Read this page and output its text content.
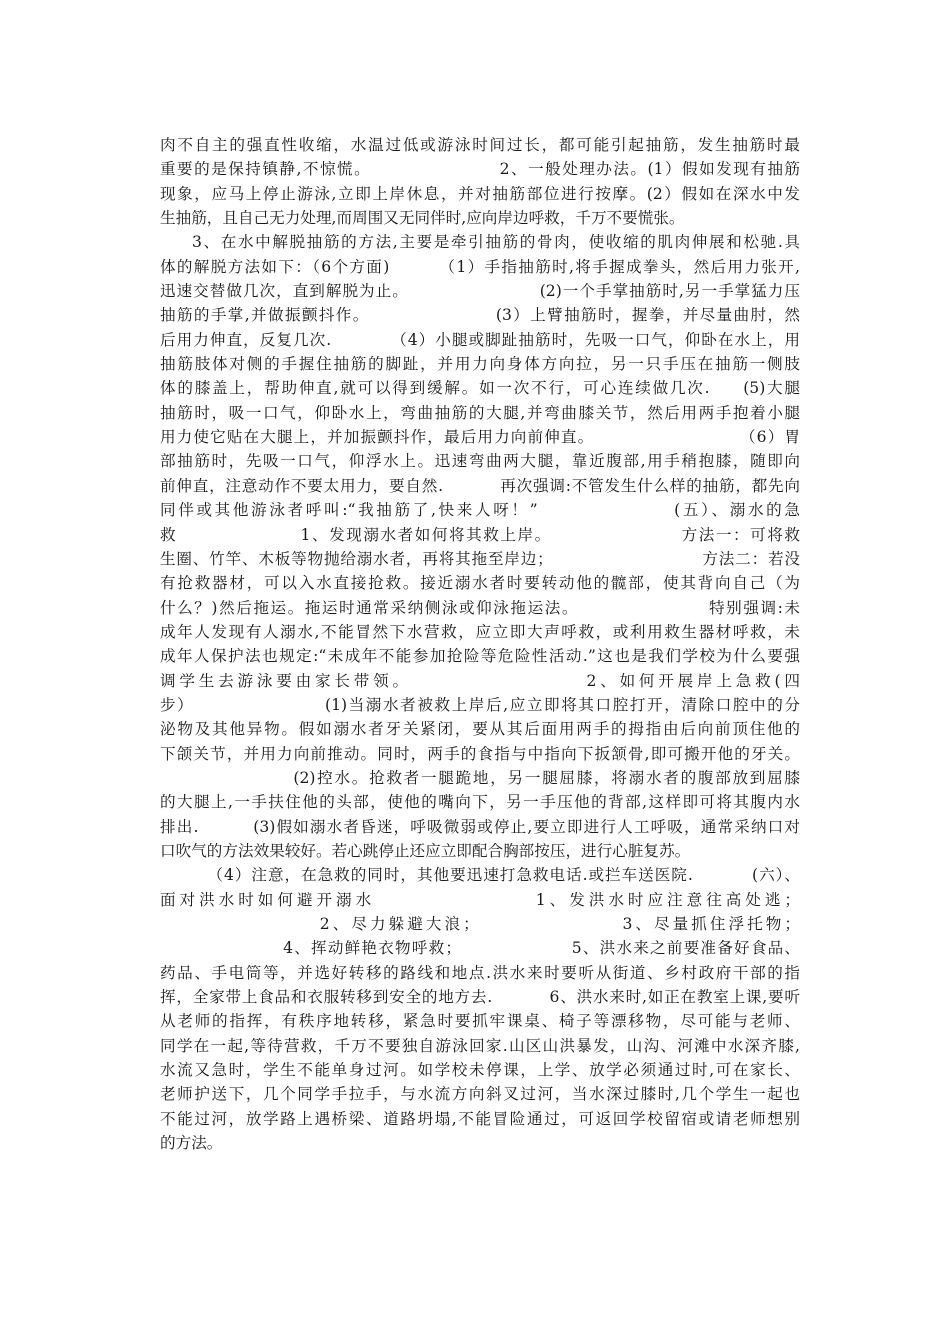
肉不自主的强直性收缩，水温过低或游泳时间过长，都可能引起抽筋，发生抽筋时最
重要的是保持镇静,不惊慌。                    2、一般处理办法。(1）假如发现有抽筋
现象，应马上停止游泳,立即上岸休息，并对抽筋部位进行按摩。(2）假如在深水中发
生抽筋，且自己无力处理,而周围又无同伴时,应向岸边呼救，千万不要慌张。
3、在水中解脱抽筋的方法,主要是牵引抽筋的骨肉，使收缩的肌肉伸展和松驰.具
体的解脱方法如下：（6个方面)        （1）手指抽筋时,将手握成拳头，然后用力张开,
迅速交替做几次，直到解脱为止。                      (2)一个手掌抽筋时,另一手掌猛力压
抽筋的手掌,并做振颤抖作。                    (3）上臂抽筋时，握拳，并尽量曲肘，然
后用力伸直，反复几次.          （4）小腿或脚趾抽筋时，先吸一口气，仰卧在水上，用
抽筋肢体对侧的手握住抽筋的脚趾，并用力向身体方向拉，另一只手压在抽筋一侧肢
体的膝盖上，帮助伸直,就可以得到缓解。如一次不行，可心连续做几次.     (5)大腿
抽筋时，吸一口气，仰卧水上，弯曲抽筋的大腿,并弯曲膝关节，然后用两手抱着小腿
用力使它贴在大腿上，并加振颤抖作，最后用力向前伸直。                        （6）胃
部抽筋时，先吸一口气，仰浮水上。迅速弯曲两大腿，靠近腹部,用手稍抱膝，随即向
前伸直，注意动作不要太用力，要自然.          再次强调:不管发生什么样的抽筋，都先向
同伴或其他游泳者呼叫:“我抽筋了,快来人呀！”                  (五）、溺水的急
救                   1、发现溺水者如何将其救上岸。                    方法一：可将救
生圈、竹竿、木板等物抛给溺水者，再将其拖至岸边；                          方法二：若没
有抢救器材，可以入水直接抢救。接近溺水者时要转动他的髋部，使其背向自己（为
什么？)然后拖运。拖运时通常采纳侧泳或仰泳拖运法。                    特别强调:未
成年人发现有人溺水,不能冒然下水营救，应立即大声呼救，或利用救生器材呼救，未
成年人保护法也规定:“未成年不能参加抢险等危险性活动.”这也是我们学校为什么要强
调学生去游泳要由家长带领。                    2、如何开展岸上急救(四
步）                    (1)当溺水者被救上岸后,应立即将其口腔打开，清除口腔中的分
泌物及其他异物。假如溺水者牙关紧闭，要从其后面用两手的拇指由后向前顶住他的
下颌关节，并用力向前推动。同时，两手的食指与中指向下扳颔骨,即可搬开他的牙关。
(2)控水。抢救者一腿跪地，另一腿屈膝，将溺水者的腹部放到屈膝
的大腿上,一手扶住他的头部，使他的嘴向下，另一手压他的背部,这样即可将其腹内水
排出.         (3)假如溺水者昏迷，呼吸微弱或停止,要立即进行人工呼吸，通常采纳口对
口吹气的方法效果较好。若心跳停止还应立即配合胸部按压，进行心脏复苏。
（4）注意，在急救的同时，其他要迅速打急救电话.或拦车送医院.          (六）、
面对洪水时如何避开溺水                  1、发洪水时应注意往高处逃；
2、尽力躲避大浪；                  3、尽量抓住浮托物；
4、挥动鲜艳衣物呼救；                  5、洪水来之前要准备好食品、
药品、手电筒等，并选好转移的路线和地点.洪水来时要听从街道、乡村政府干部的指
挥，全家带上食品和衣服转移到安全的地方去.          6、洪水来时,如正在教室上课,要听
从老师的指挥，有秩序地转移，紧急时要抓牢课桌、椅子等漂移物，尽可能与老师、
同学在一起,等待营救，千万不要独自游泳回家.山区山洪暴发，山沟、河滩中水深齐膝,
水流又急时，学生不能单身过河。如学校未停课，上学、放学必须通过时,可在家长、
老师护送下，几个同学手拉手，与水流方向斜叉过河，当水深过膝时,几个学生一起也
不能过河，放学路上遇桥梁、道路坍塌,不能冒险通过，可返回学校留宿或请老师想别
的方法。
